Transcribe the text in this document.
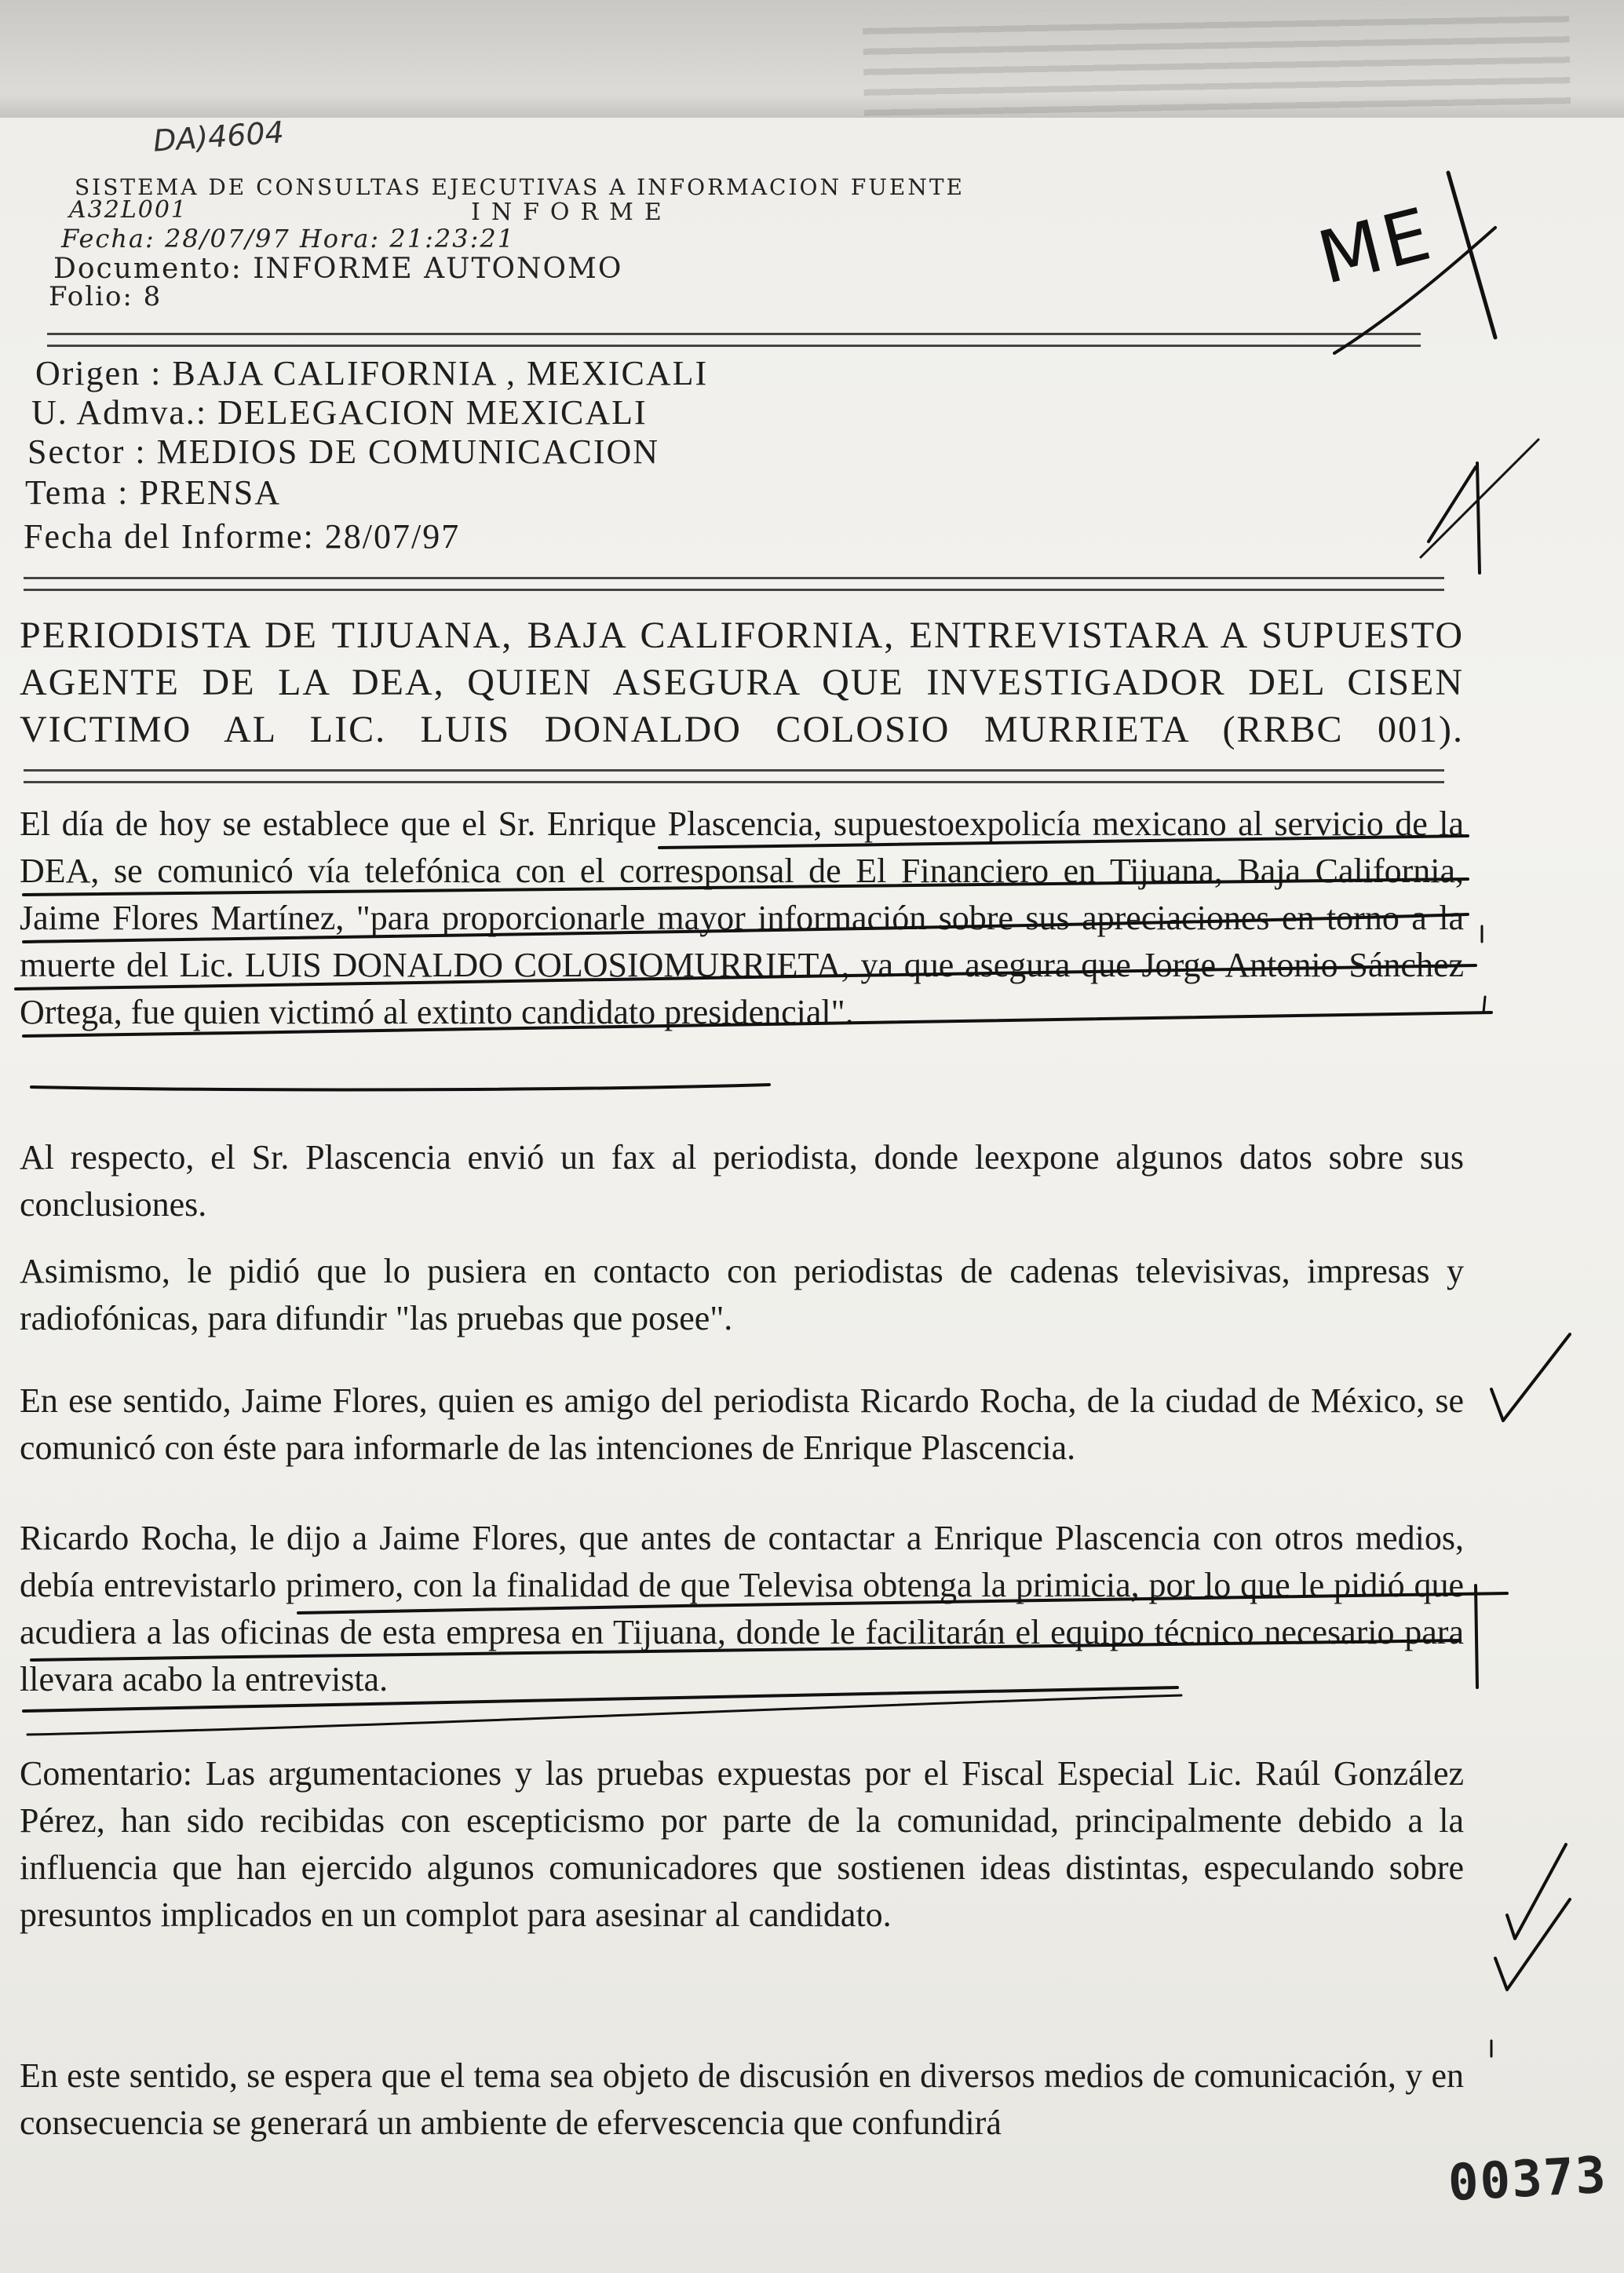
DA)4604
SISTEMA DE CONSULTAS EJECUTIVAS A INFORMACION FUENTE
A32L001	INFORME
Fecha: 28/07/97 Hora: 21:23:21
Documento: INFORME AUTONOMO
Folio: 8
Origen : BAJA CALIFORNIA , MEXICALI
U. Admva.: DELEGACION MEXICALI
Sector : MEDIOS DE COMUNICACION
Tema : PRENSA
Fecha del Informe: 28/07/97
PERIODISTA DE TIJUANA, BAJA CALIFORNIA, ENTREVISTARA A SUPUESTO AGENTE DE LA DEA, QUIEN ASEGURA QUE INVESTIGADOR DEL CISEN VICTIMO AL LIC. LUIS DONALDO COLOSIO MURRIETA (RRBC 001).
El día de hoy se establece que el Sr. Enrique Plascencia, supuestoexpolicía mexicano al servicio de la DEA, se comunicó vía telefónica con el corresponsal de El Financiero en Tijuana, Baja California, Jaime Flores Martínez, "para proporcionarle mayor información sobre sus apreciaciones en torno a la muerte del Lic. LUIS DONALDO COLOSIOMURRIETA, ya que asegura que Jorge Antonio Sánchez Ortega, fue quien victimó al extinto candidato presidencial".
Al respecto, el Sr. Plascencia envió un fax al periodista, donde leexpone algunos datos sobre sus conclusiones.
Asimismo, le pidió que lo pusiera en contacto con periodistas de cadenas televisivas, impresas y radiofónicas, para difundir "las pruebas que posee".
En ese sentido, Jaime Flores, quien es amigo del periodista Ricardo Rocha, de la ciudad de México, se comunicó con éste para informarle de las intenciones de Enrique Plascencia.
Ricardo Rocha, le dijo a Jaime Flores, que antes de contactar a Enrique Plascencia con otros medios, debía entrevistarlo primero, con la finalidad de que Televisa obtenga la primicia, por lo que le pidió que acudiera a las oficinas de esta empresa en Tijuana, donde le facilitarán el equipo técnico necesario para llevara acabo la entrevista.
Comentario: Las argumentaciones y las pruebas expuestas por el Fiscal Especial Lic. Raúl González Pérez, han sido recibidas con escepticismo por parte de la comunidad, principalmente debido a la influencia que han ejercido algunos comunicadores que sostienen ideas distintas, especulando sobre presuntos implicados en un complot para asesinar al candidato.
En este sentido, se espera que el tema sea objeto de discusión en diversos medios de comunicación, y en consecuencia se generará un ambiente de efervescencia que confundirá
ME
00373
